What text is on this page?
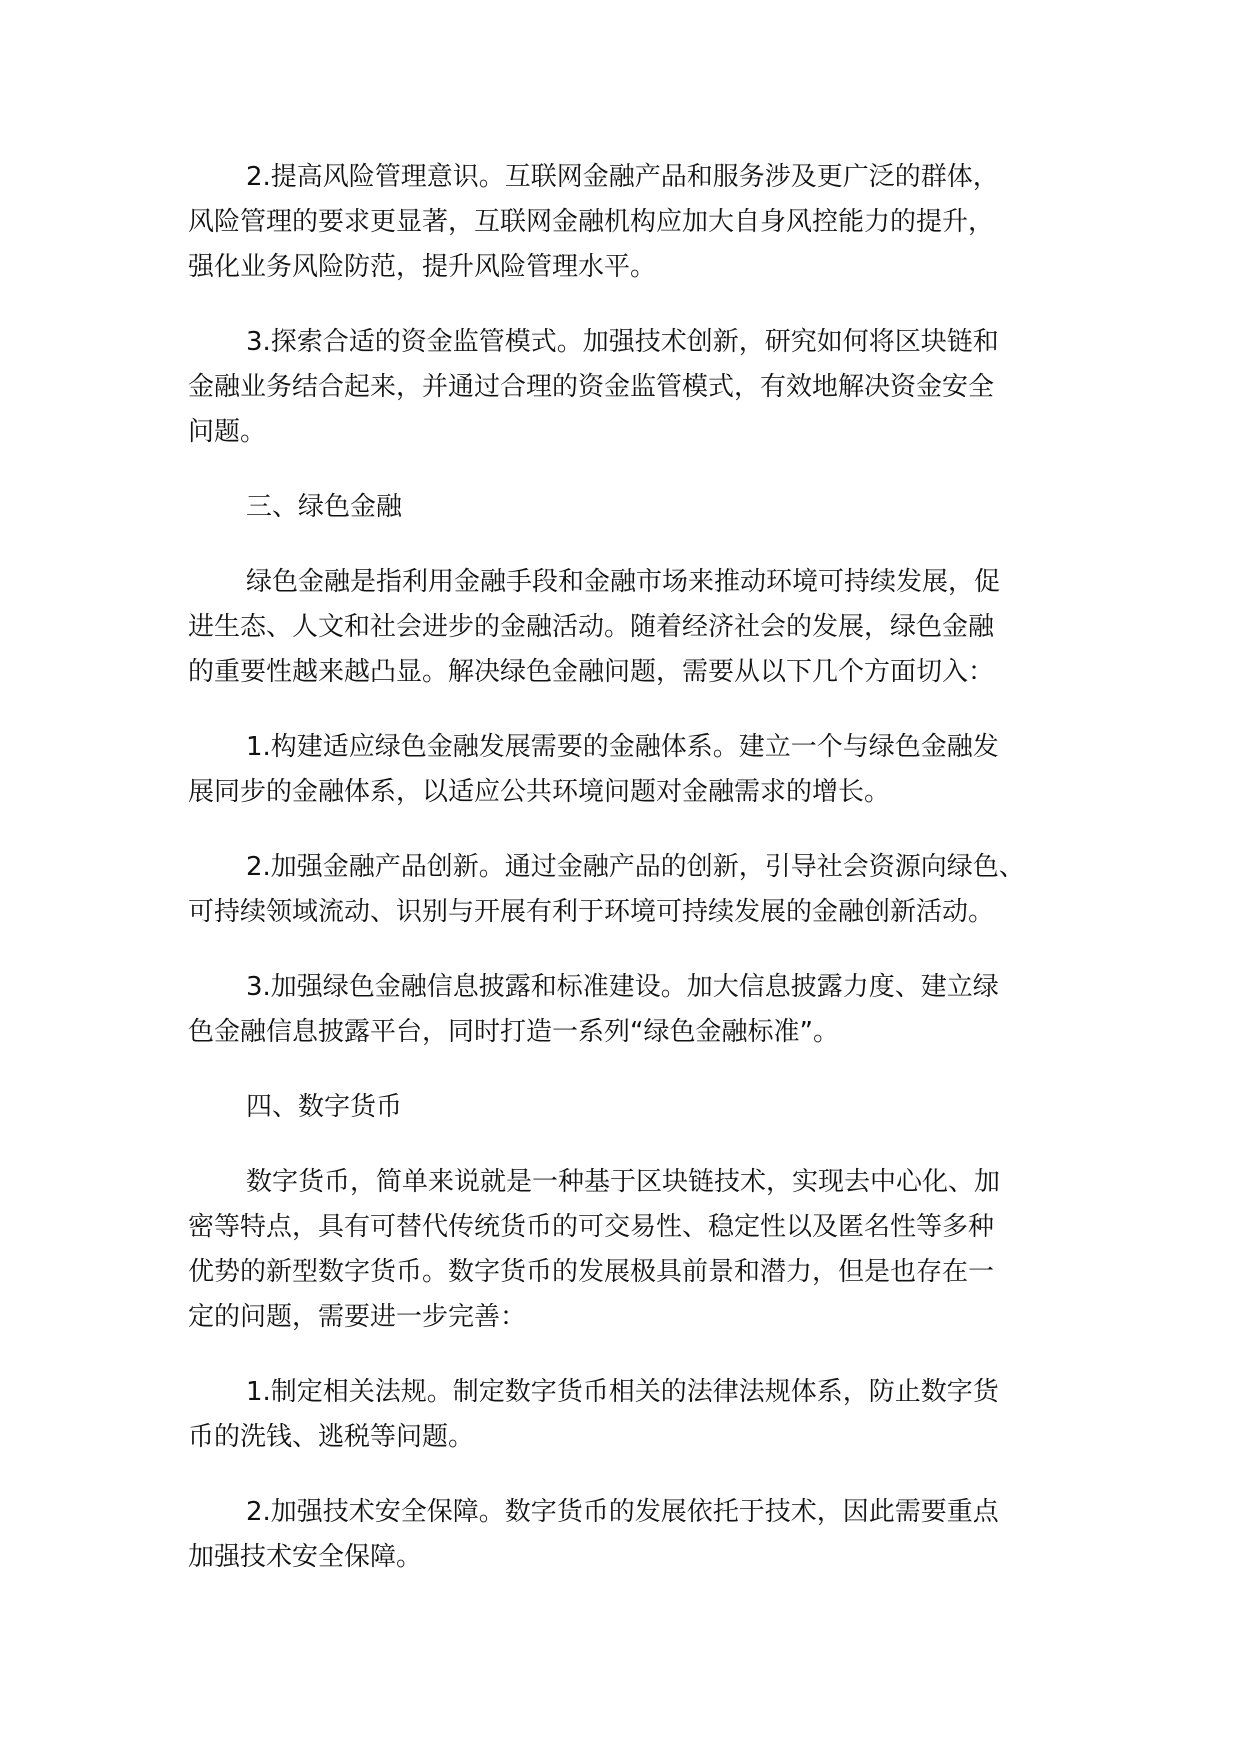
2.提高风险管理意识。互联网金融产品和服务涉及更广泛的群体，
风险管理的要求更显著，互联网金融机构应加大自身风控能力的提升，
强化业务风险防范，提升风险管理水平。

3.探索合适的资金监管模式。加强技术创新，研究如何将区块链和
金融业务结合起来，并通过合理的资金监管模式，有效地解决资金安全
问题。

三、绿色金融

绿色金融是指利用金融手段和金融市场来推动环境可持续发展，促
进生态、人文和社会进步的金融活动。随着经济社会的发展，绿色金融
的重要性越来越凸显。解决绿色金融问题，需要从以下几个方面切入：

1.构建适应绿色金融发展需要的金融体系。建立一个与绿色金融发
展同步的金融体系，以适应公共环境问题对金融需求的增长。

2.加强金融产品创新。通过金融产品的创新，引导社会资源向绿色、
可持续领域流动、识别与开展有利于环境可持续发展的金融创新活动。

3.加强绿色金融信息披露和标准建设。加大信息披露力度、建立绿
色金融信息披露平台，同时打造一系列“绿色金融标准”。

四、数字货币

数字货币，简单来说就是一种基于区块链技术，实现去中心化、加
密等特点，具有可替代传统货币的可交易性、稳定性以及匿名性等多种
优势的新型数字货币。数字货币的发展极具前景和潜力，但是也存在一
定的问题，需要进一步完善：

1.制定相关法规。制定数字货币相关的法律法规体系，防止数字货
币的洗钱、逃税等问题。

2.加强技术安全保障。数字货币的发展依托于技术，因此需要重点
加强技术安全保障。
